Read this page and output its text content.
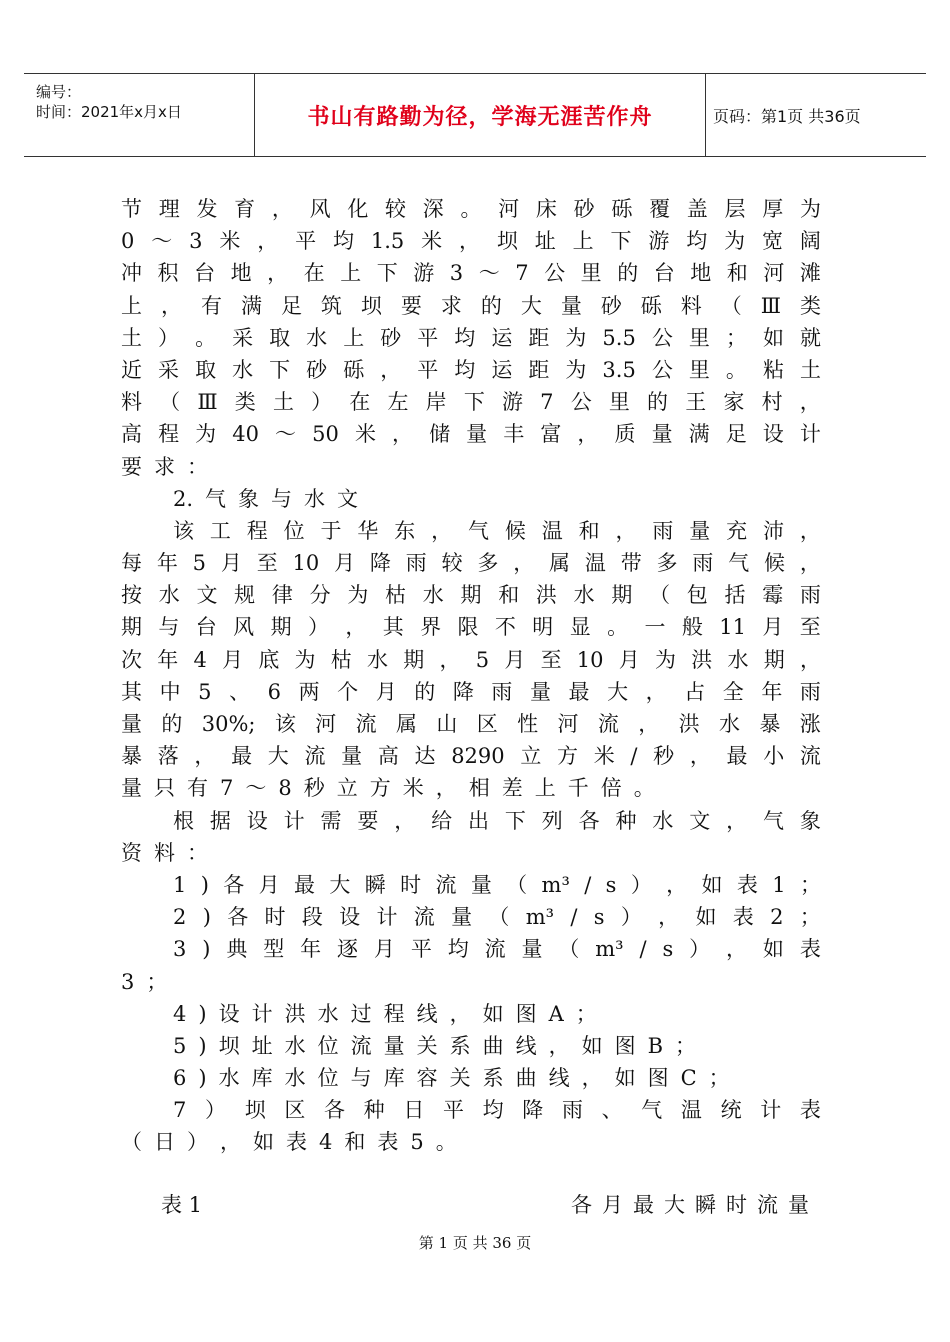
编号：
时间：2021年x月x日	书山有路勤为径，学海无涯苦作舟	页码：第1页 共36页
节 理 发 育 ， 风 化 较 深 。 河 床 砂 砾 覆 盖 层 厚 为
0 ～ 3 米 ， 平 均 1.5 米 ， 坝 址 上 下 游 均 为 宽 阔
冲 积 台 地 ， 在 上 下 游 3 ～ 7 公 里 的 台 地 和 河 滩
上 ， 有 满 足 筑 坝 要 求 的 大 量 砂 砾 料 （ Ⅲ 类
土 ） 。 采 取 水 上 砂 平 均 运 距 为 5.5 公 里 ； 如 就
近 采 取 水 下 砂 砾 ， 平 均 运 距 为 3.5 公 里 。 粘 土
料 （ Ⅲ 类 土 ） 在 左 岸 下 游 7 公 里 的 王 家 村 ，
高 程 为 40 ～ 50 米 ， 储 量 丰 富 ， 质 量 满 足 设 计
要 求 ：
2. 气 象 与 水 文
该 工 程 位 于 华 东 ， 气 候 温 和 ， 雨 量 充 沛 ，
每 年 5 月 至 10 月 降 雨 较 多 ， 属 温 带 多 雨 气 候 ，
按 水 文 规 律 分 为 枯 水 期 和 洪 水 期 （ 包 括 霉 雨
期 与 台 风 期 ） ， 其 界 限 不 明 显 。 一 般 11 月 至
次 年 4 月 底 为 枯 水 期 ， 5 月 至 10 月 为 洪 水 期 ，
其 中 5 、 6 两 个 月 的 降 雨 量 最 大 ， 占 全 年 雨
量 的 30%; 该 河 流 属 山 区 性 河 流 ， 洪 水 暴 涨
暴 落 ， 最 大 流 量 高 达 8290 立 方 米 / 秒 ， 最 小 流
量 只 有 7 ～ 8 秒 立 方 米 ， 相 差 上 千 倍 。
根 据 设 计 需 要 ， 给 出 下 列 各 种 水 文 ， 气 象
资 料 ：
1 ) 各 月 最 大 瞬 时 流 量 （ m³ / s ） ， 如 表 1 ；
2 ) 各 时 段 设 计 流 量 （ m³ / s ） ， 如 表 2 ；
3 ) 典 型 年 逐 月 平 均 流 量 （ m³ / s ） ， 如 表
3 ；
4 ) 设 计 洪 水 过 程 线 ， 如 图 A ；
5 ) 坝 址 水 位 流 量 关 系 曲 线 ， 如 图 B ；
6 ) 水 库 水 位 与 库 容 关 系 曲 线 ， 如 图 C ；
7 ） 坝 区 各 种 日 平 均 降 雨 、 气 温 统 计 表
（ 日 ） ， 如 表 4 和 表 5 。
表 1	各月最大瞬时流量
第 1 页 共 36 页
